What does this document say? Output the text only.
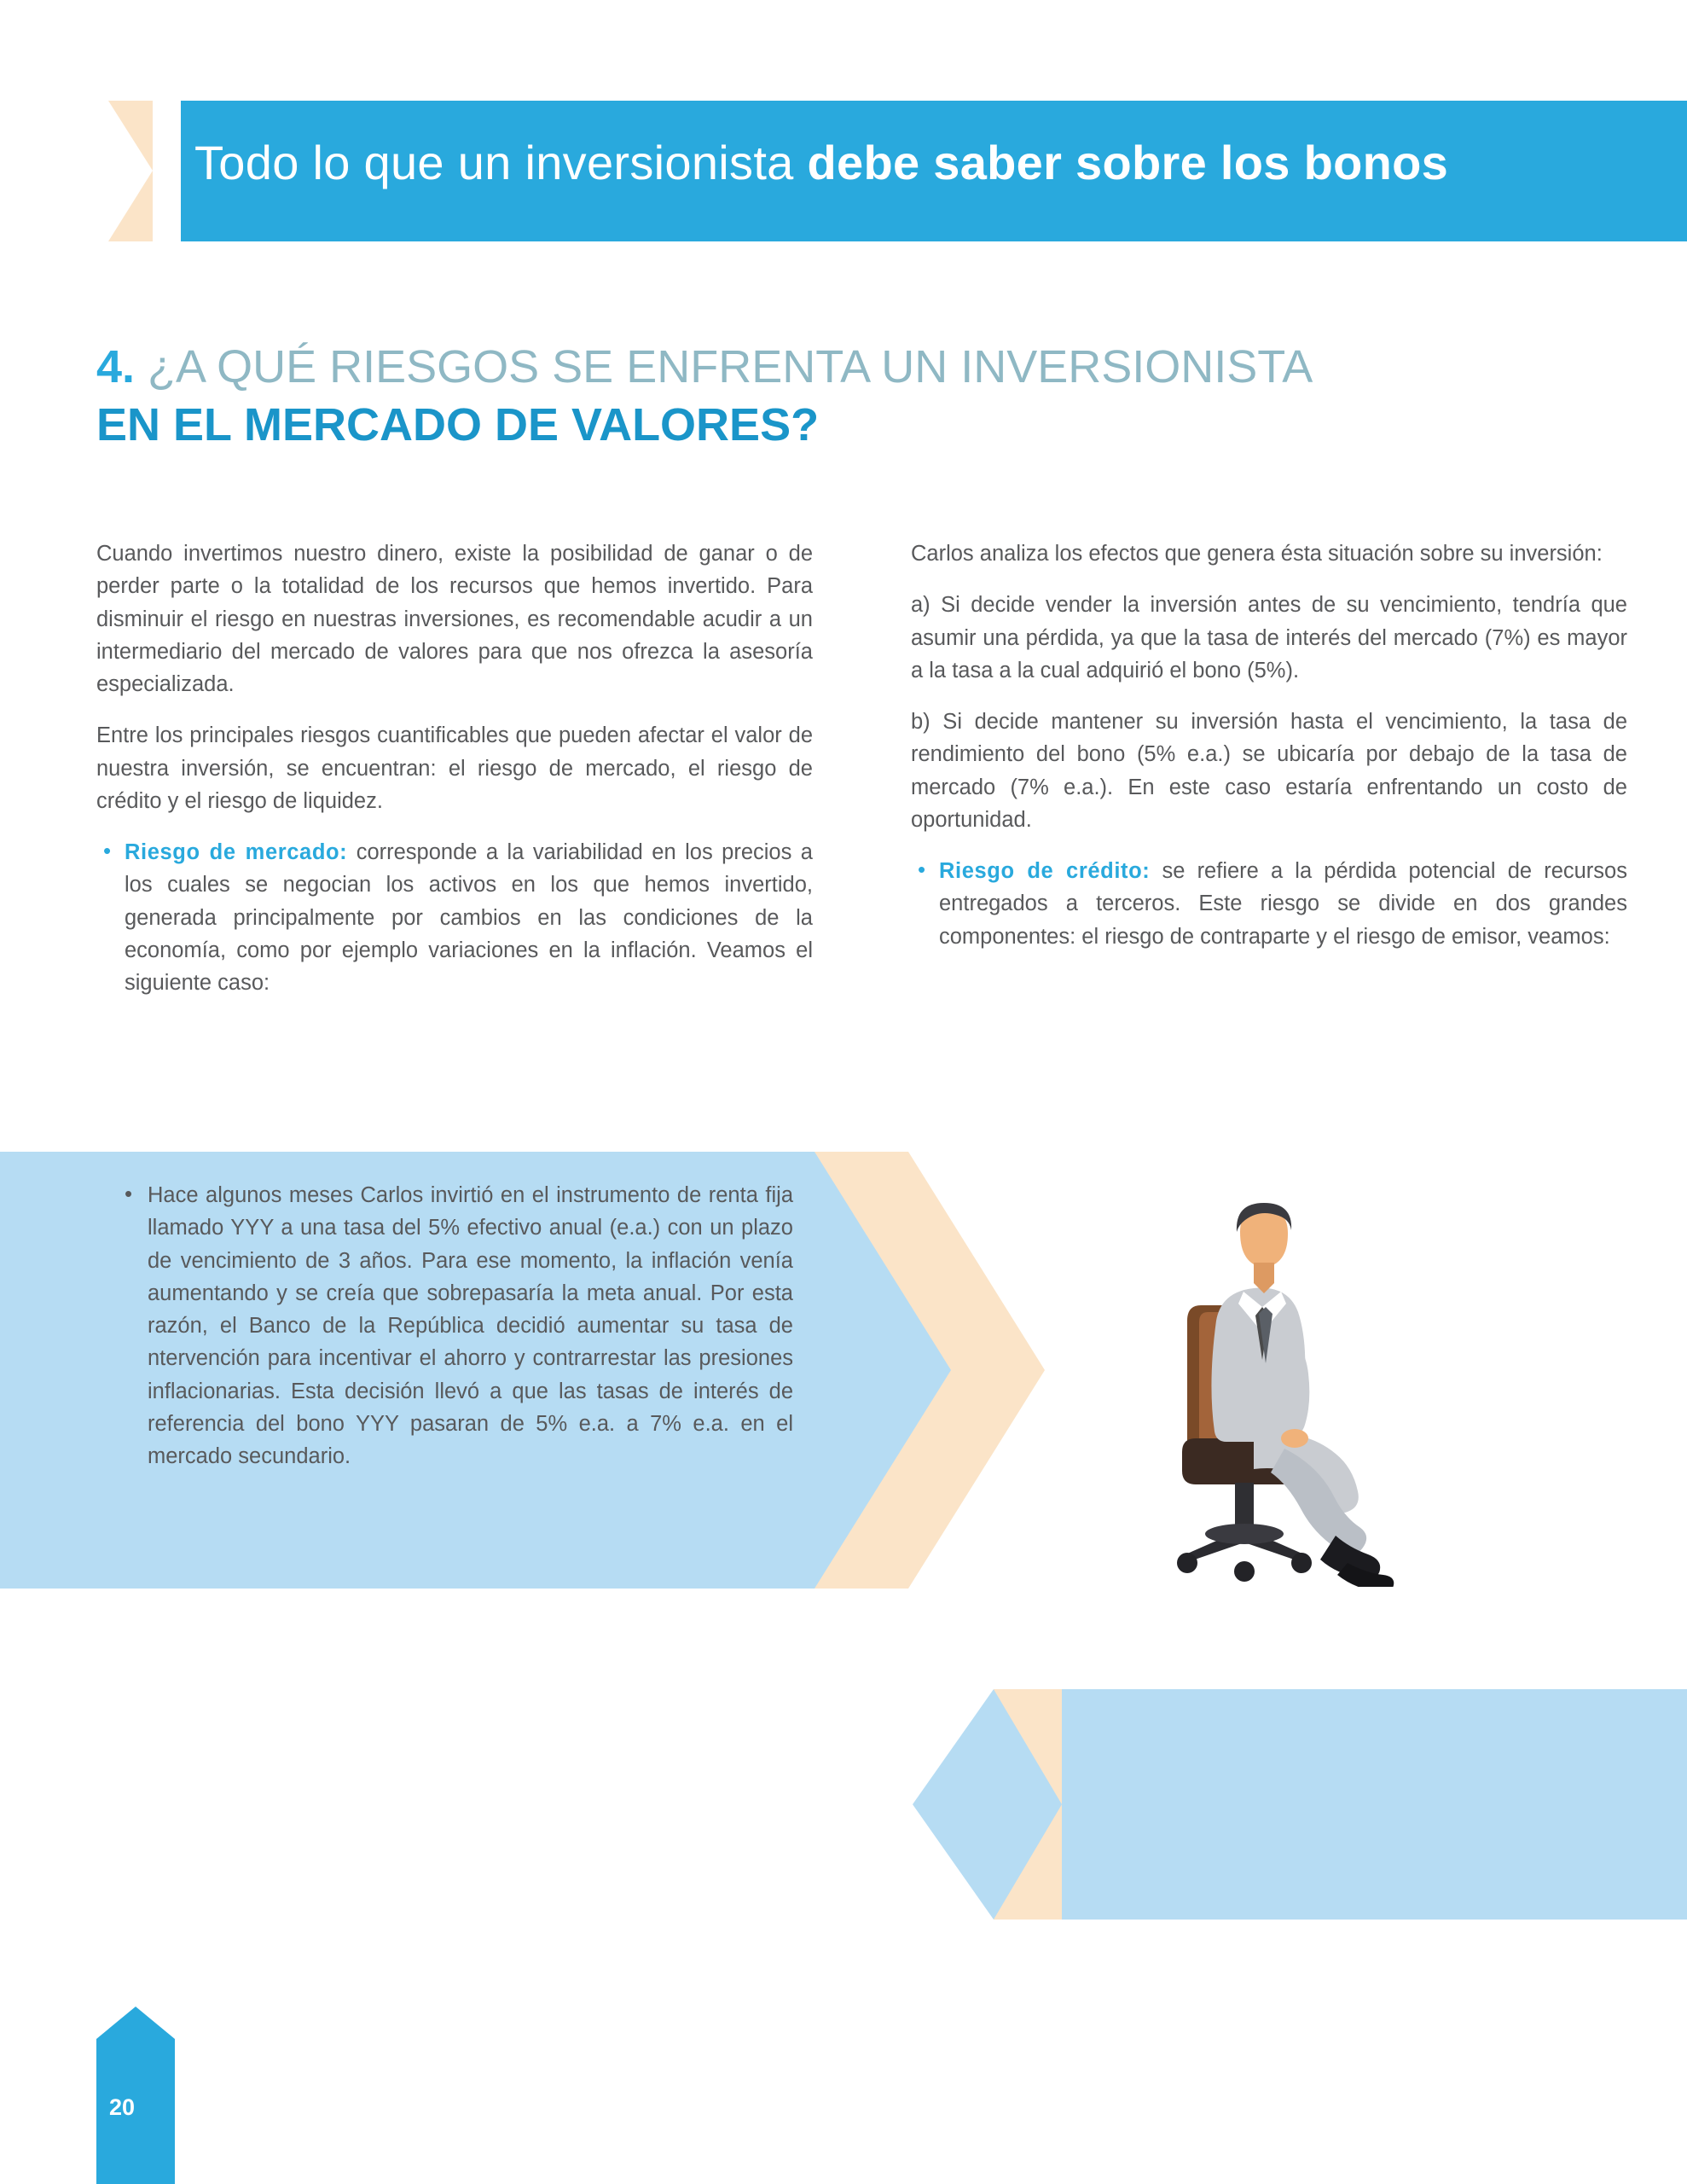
Todo lo que un inversionista debe saber sobre los bonos
4. ¿A QUÉ RIESGOS SE ENFRENTA UN INVERSIONISTA
EN EL MERCADO DE VALORES?

Cuando invertimos nuestro dinero, existe la posibilidad de ganar o de perder parte o la totalidad de los recursos que hemos invertido. Para disminuir el riesgo en nuestras inversiones, es recomendable acudir a un intermediario del mercado de valores para que nos ofrezca la asesoría especializada.

Entre los principales riesgos cuantificables que pueden afectar el valor de nuestra inversión, se encuentran: el riesgo de mercado, el riesgo de crédito y el riesgo de liquidez.

• Riesgo de mercado: corresponde a la variabilidad en los precios a los cuales se negocian los activos en los que hemos invertido, generada principalmente por cambios en las condiciones de la economía, como por ejemplo variaciones en la inflación. Veamos el siguiente caso:

Carlos analiza los efectos que genera ésta situación sobre su inversión:

a) Si decide vender la inversión antes de su vencimiento, tendría que asumir una pérdida, ya que la tasa de interés del mercado (7%) es mayor a la tasa a la cual adquirió el bono (5%).

b) Si decide mantener su inversión hasta el vencimiento, la tasa de rendimiento del bono (5% e.a.) se ubicaría por debajo de la tasa de mercado (7% e.a.). En este caso estaría enfrentando un costo de oportunidad.

• Riesgo de crédito: se refiere a la pérdida potencial de recursos entregados a terceros. Este riesgo se divide en dos grandes componentes: el riesgo de contraparte y el riesgo de emisor, veamos:

• Hace algunos meses Carlos invirtió en el instrumento de renta fija llamado YYY a una tasa del 5% efectivo anual (e.a.) con un plazo de vencimiento de 3 años. Para ese momento, la inflación venía aumentando y se creía que sobrepasaría la meta anual. Por esta razón, el Banco de la República decidió aumentar su tasa de ntervención para incentivar el ahorro y contrarrestar las presiones inflacionarias. Esta decisión llevó a que las tasas de interés de referencia del bono YYY pasaran de 5% e.a. a 7% e.a. en el mercado secundario.
20
